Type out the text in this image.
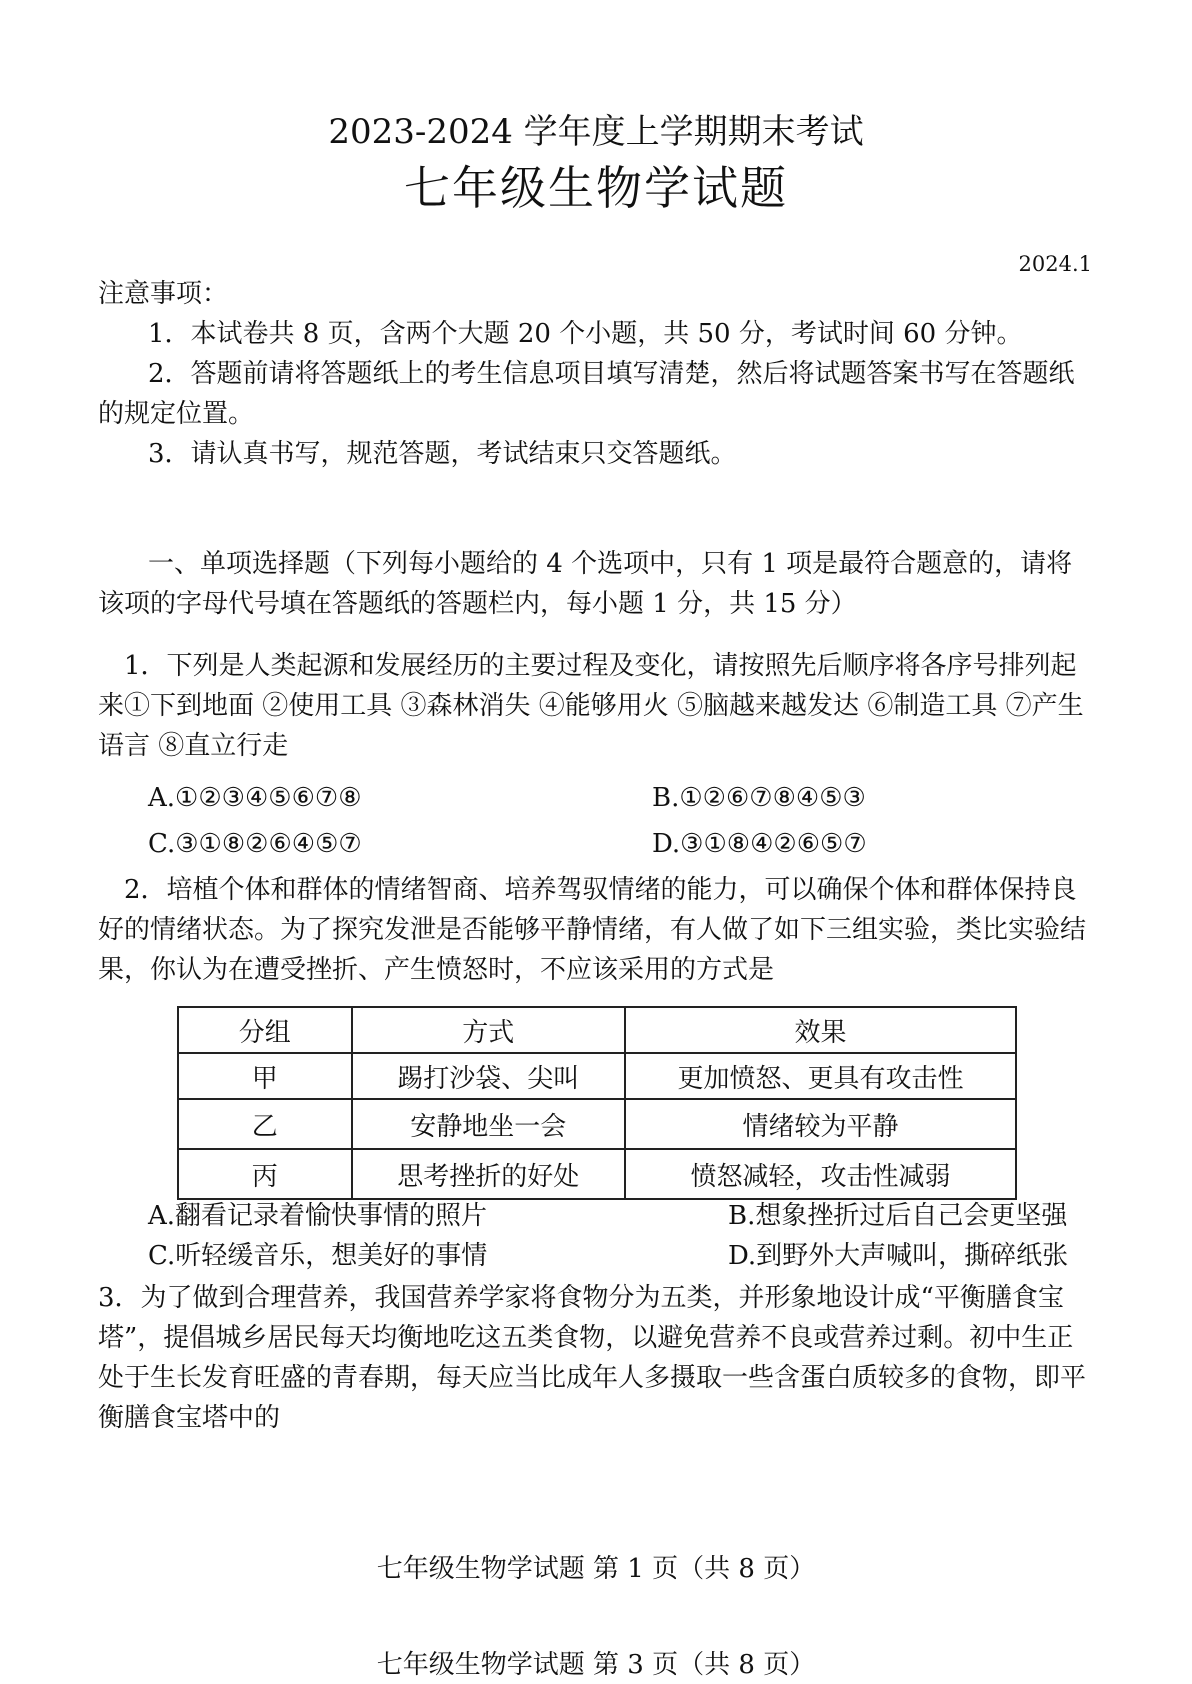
2023-2024 学年度上学期期末考试
七年级生物学试题
2024.1
注意事项：
1．本试卷共 8 页，含两个大题 20 个小题，共 50 分，考试时间 60 分钟。
2．答题前请将答题纸上的考生信息项目填写清楚，然后将试题答案书写在答题纸的规定位置。
3．请认真书写，规范答题，考试结束只交答题纸。
一、单项选择题（下列每小题给的 4 个选项中，只有 1 项是最符合题意的，请将该项的字母代号填在答题纸的答题栏内，每小题 1 分，共 15 分）
1．下列是人类起源和发展经历的主要过程及变化，请按照先后顺序将各序号排列起来①下到地面 ②使用工具 ③森林消失 ④能够用火 ⑤脑越来越发达 ⑥制造工具 ⑦产生语言 ⑧直立行走
A.①②③④⑤⑥⑦⑧	B.①②⑥⑦⑧④⑤③
C.③①⑧②⑥④⑤⑦	D.③①⑧④②⑥⑤⑦
2．培植个体和群体的情绪智商、培养驾驭情绪的能力，可以确保个体和群体保持良好的情绪状态。为了探究发泄是否能够平静情绪，有人做了如下三组实验，类比实验结果，你认为在遭受挫折、产生愤怒时，不应该采用的方式是
分组	方式	效果
甲	踢打沙袋、尖叫	更加愤怒、更具有攻击性
乙	安静地坐一会	情绪较为平静
丙	思考挫折的好处	愤怒减轻，攻击性减弱
A.翻看记录着愉快事情的照片	B.想象挫折过后自己会更坚强
C.听轻缓音乐，想美好的事情	D.到野外大声喊叫，撕碎纸张
3．为了做到合理营养，我国营养学家将食物分为五类，并形象地设计成“平衡膳食宝塔”，提倡城乡居民每天均衡地吃这五类食物，以避免营养不良或营养过剩。初中生正处于生长发育旺盛的青春期，每天应当比成年人多摄取一些含蛋白质较多的食物，即平衡膳食宝塔中的
七年级生物学试题 第 1 页（共 8 页）
七年级生物学试题 第 3 页（共 8 页）
